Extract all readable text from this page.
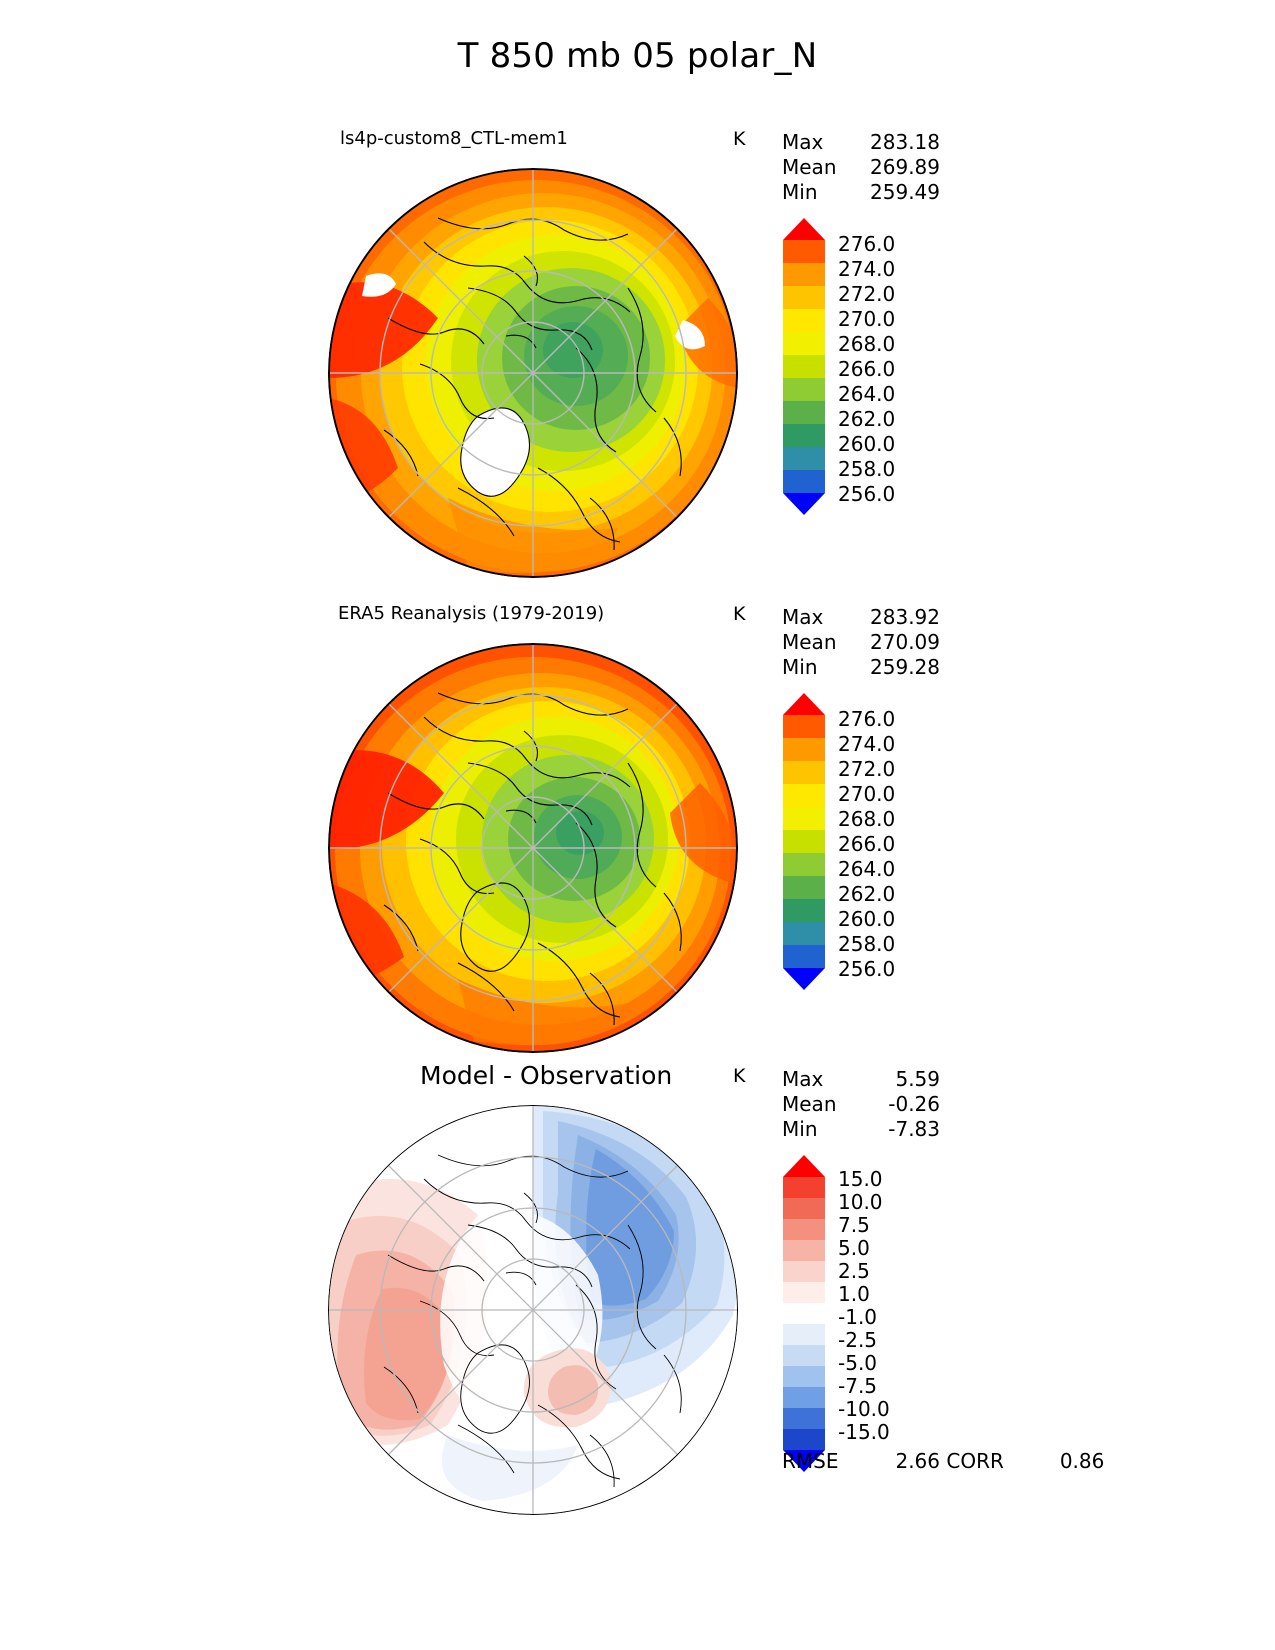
T 850 mb 05 polar_N
ls4p-custom8_CTL-mem1	K Max 283.18
Mean 269.89
Min	259.49
276.0
274.0
272.0
270.0
268.0
266.0
264.0
262.0
260.0
258.0
256.0
ERA5 Reanalysis (1979-2019)	K Max 283.92
Mean 270.09
Min	259.28
276.0
274.0
272.0
270.0
268.0
266.0
264.0
262.0
260.0
258.0
256.0
Model - Observation	K Max	5.59
Mean	-0.26
Min	-7.83
15.0
10.0
7.5
5.0
2.5
1.0
-1.0
-2.5
-5.0
-7.5
-10.0
-15.0
RMSE	2.66 CORR	0.86
